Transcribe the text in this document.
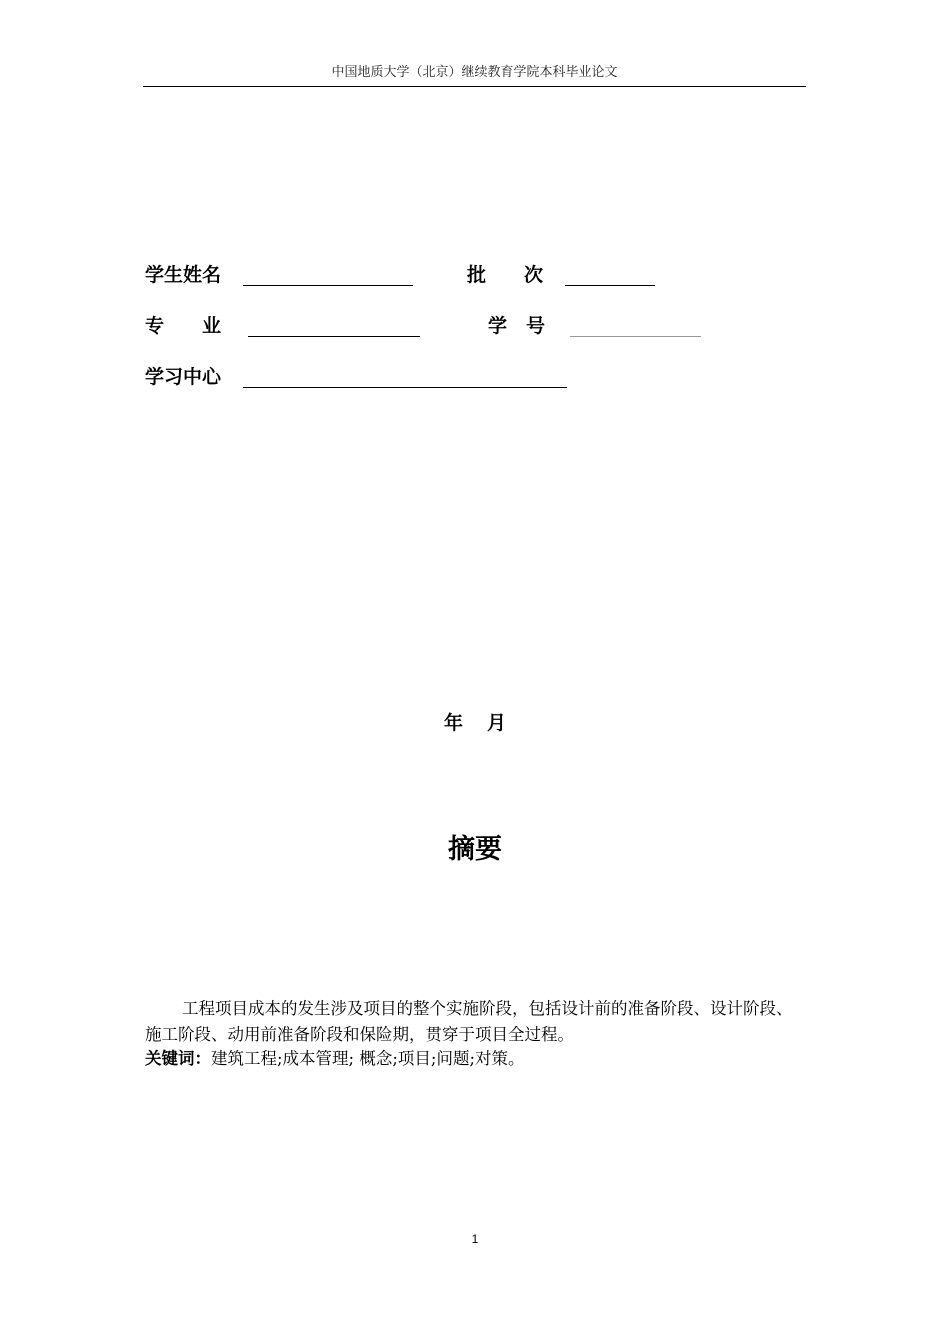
中国地质大学（北京）继续教育学院本科毕业论文
学生姓名	批　　次
专　　业	学　号
学习中心
年 月
摘要
工程项目成本的发生涉及项目的整个实施阶段，包括设计前的准备阶段、设计阶段、施工阶段、动用前准备阶段和保险期，贯穿于项目全过程。
关键词：建筑工程;成本管理; 概念;项目;问题;对策。
1
